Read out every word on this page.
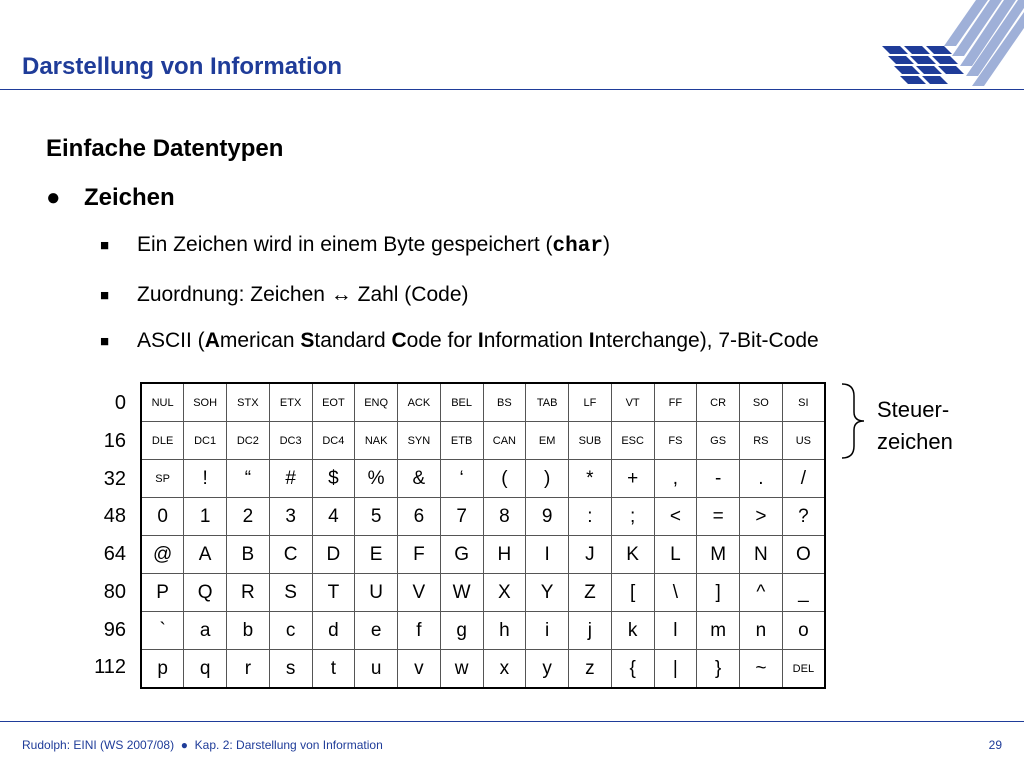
Darstellung von Information
Einfache Datentypen
● Zeichen
■ Ein Zeichen wird in einem Byte gespeichert (char)
■ Zuordnung: Zeichen ↔ Zahl (Code)
■ ASCII (American Standard Code for Information Interchange), 7-Bit-Code
0
16
32
48
64
80
96
112
NUL	SOH	STX	ETX	EOT	ENQ	ACK	BEL	BS	TAB	LF	VT	FF	CR	SO	SI
DLE	DC1	DC2	DC3	DC4	NAK	SYN	ETB	CAN	EM	SUB	ESC	FS	GS	RS	US
SP	!	“	#	$	%	&	‘	(	)	*	+	,	-	.	/
0	1	2	3	4	5	6	7	8	9	:	;	<	=	>	?
@	A	B	C	D	E	F	G	H	I	J	K	L	M	N	O
P	Q	R	S	T	U	V	W	X	Y	Z	[	\	]	^	_
`	a	b	c	d	e	f	g	h	i	j	k	l	m	n	o
p	q	r	s	t	u	v	w	x	y	z	{	|	}	~	DEL
Steuer-
zeichen
Rudolph: EINI (WS 2007/08) ● Kap. 2: Darstellung von Information	29
